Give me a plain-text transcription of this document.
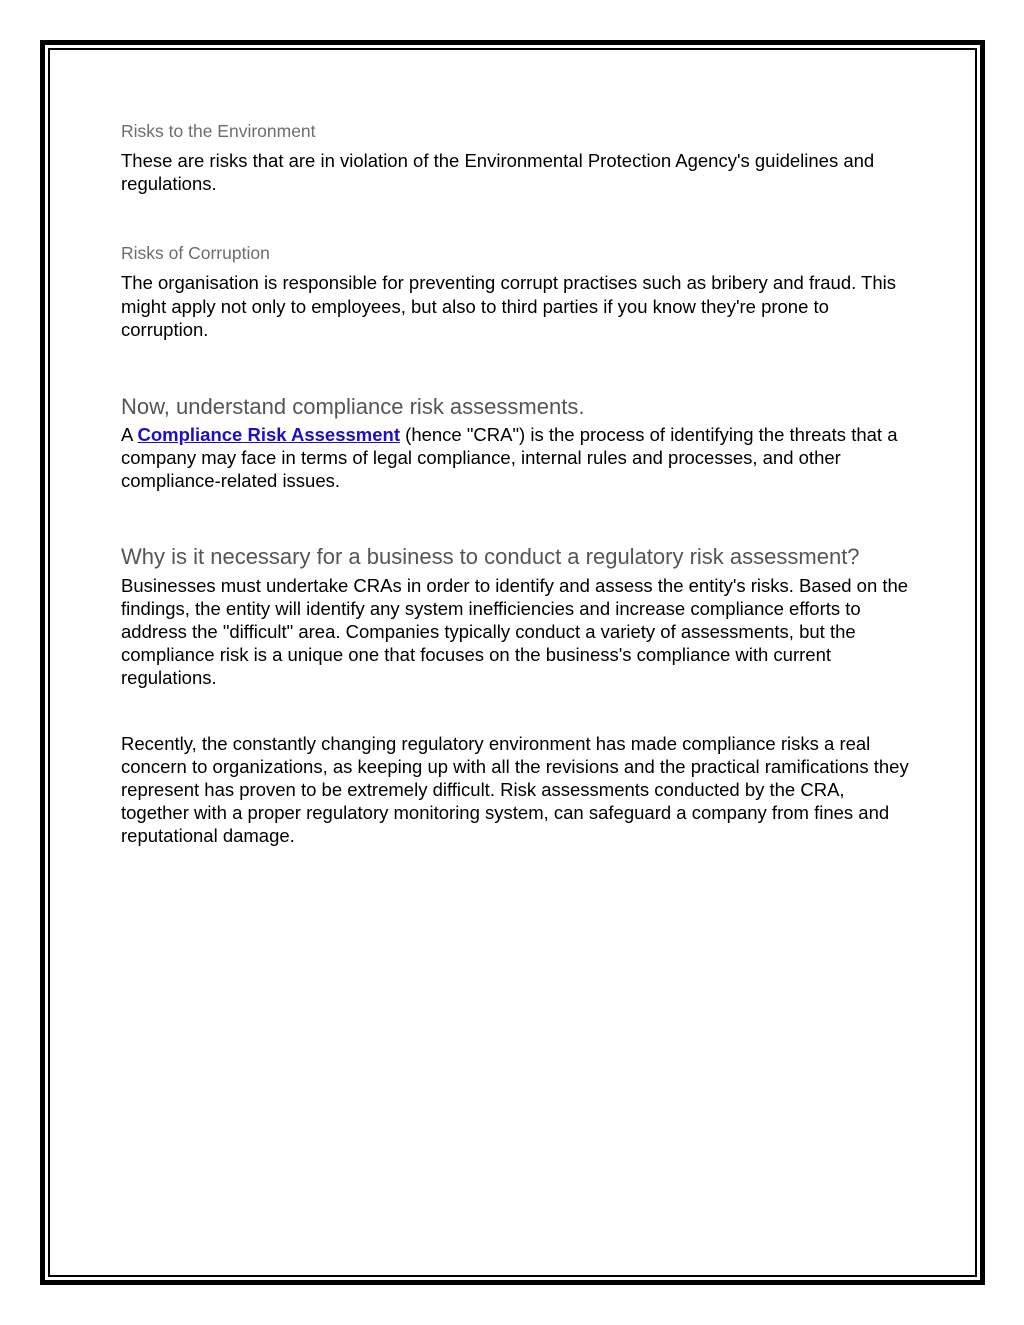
Risks to the Environment

These are risks that are in violation of the Environmental Protection Agency's guidelines and regulations.

Risks of Corruption

The organisation is responsible for preventing corrupt practises such as bribery and fraud. This might apply not only to employees, but also to third parties if you know they're prone to corruption.

Now, understand compliance risk assessments.

A Compliance Risk Assessment (hence "CRA") is the process of identifying the threats that a company may face in terms of legal compliance, internal rules and processes, and other compliance-related issues.

Why is it necessary for a business to conduct a regulatory risk assessment?

Businesses must undertake CRAs in order to identify and assess the entity's risks. Based on the findings, the entity will identify any system inefficiencies and increase compliance efforts to address the "difficult" area. Companies typically conduct a variety of assessments, but the compliance risk is a unique one that focuses on the business's compliance with current regulations.

Recently, the constantly changing regulatory environment has made compliance risks a real concern to organizations, as keeping up with all the revisions and the practical ramifications they represent has proven to be extremely difficult. Risk assessments conducted by the CRA, together with a proper regulatory monitoring system, can safeguard a company from fines and reputational damage.
